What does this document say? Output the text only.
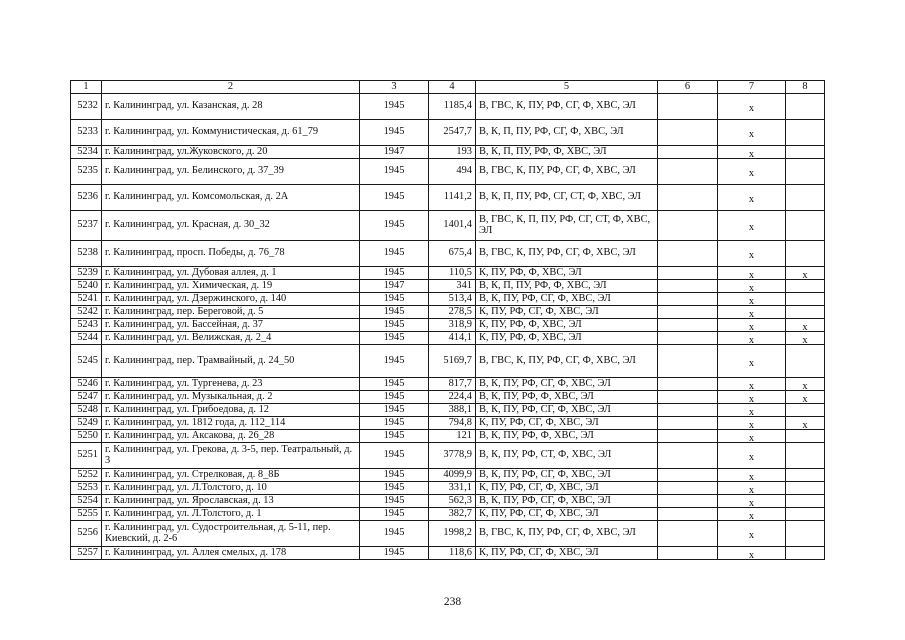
1	2	3	4	5	6	7	8
5232	г. Калининград, ул. Казанская, д. 28	1945	1185,4	В, ГВС, К, ПУ, РФ, СГ, Ф, ХВС, ЭЛ		x	
5233	г. Калининград, ул. Коммунистическая, д. 61_79	1945	2547,7	В, К, П, ПУ, РФ, СГ, Ф, ХВС, ЭЛ		x	
5234	г. Калининград, ул.Жуковского, д. 20	1947	193	В, К, П, ПУ, РФ, Ф, ХВС, ЭЛ		x	
5235	г. Калининград, ул. Белинского, д. 37_39	1945	494	В, ГВС, К, ПУ, РФ, СГ, Ф, ХВС, ЭЛ		x	
5236	г. Калининград, ул. Комсомольская, д. 2А	1945	1141,2	В, К, П, ПУ, РФ, СГ, СТ, Ф, ХВС, ЭЛ		x	
5237	г. Калининград, ул. Красная, д. 30_32	1945	1401,4	В, ГВС, К, П, ПУ, РФ, СГ, СТ, Ф, ХВС, ЭЛ		x	
5238	г. Калининград, просп. Победы, д. 76_78	1945	675,4	В, ГВС, К, ПУ, РФ, СГ, Ф, ХВС, ЭЛ		x	
5239	г. Калининград, ул. Дубовая аллея, д. 1	1945	110,5	К, ПУ, РФ, Ф, ХВС, ЭЛ		x	x
5240	г. Калининград, ул. Химическая, д. 19	1947	341	В, К, П, ПУ, РФ, Ф, ХВС, ЭЛ		x	
5241	г. Калининград, ул. Дзержинского, д. 140	1945	513,4	В, К, ПУ, РФ, СГ, Ф, ХВС, ЭЛ		x	
5242	г. Калининград, пер. Береговой, д. 5	1945	278,5	К, ПУ, РФ, СГ, Ф, ХВС, ЭЛ		x	
5243	г. Калининград, ул. Бассейная, д. 37	1945	318,9	К, ПУ, РФ, Ф, ХВС, ЭЛ		x	x
5244	г. Калининград, ул. Велижская, д. 2_4	1945	414,1	К, ПУ, РФ, Ф, ХВС, ЭЛ		x	x
5245	г. Калининград, пер. Трамвайный, д. 24_50	1945	5169,7	В, ГВС, К, ПУ, РФ, СГ, Ф, ХВС, ЭЛ		x	
5246	г. Калининград, ул. Тургенева, д. 23	1945	817,7	В, К, ПУ, РФ, СГ, Ф, ХВС, ЭЛ		x	x
5247	г. Калининград, ул. Музыкальная, д. 2	1945	224,4	В, К, ПУ, РФ, Ф, ХВС, ЭЛ		x	x
5248	г. Калининград, ул. Грибоедова, д. 12	1945	388,1	В, К, ПУ, РФ, СГ, Ф, ХВС, ЭЛ		x	
5249	г. Калининград, ул. 1812 года, д. 112_114	1945	794,8	К, ПУ, РФ, СГ, Ф, ХВС, ЭЛ		x	x
5250	г. Калининград, ул. Аксакова, д. 26_28	1945	121	В, К, ПУ, РФ, Ф, ХВС, ЭЛ		x	
5251	г. Калининград, ул. Грекова, д. 3-5, пер. Театральный, д. 3	1945	3778,9	В, К, ПУ, РФ, СТ, Ф, ХВС, ЭЛ		x	
5252	г. Калининград, ул. Стрелковая, д. 8_8Б	1945	4099,9	В, К, ПУ, РФ, СГ, Ф, ХВС, ЭЛ		x	
5253	г. Калининград, ул. Л.Толстого, д. 10	1945	331,1	К, ПУ, РФ, СГ, Ф, ХВС, ЭЛ		x	
5254	г. Калининград, ул. Ярославская, д. 13	1945	562,3	В, К, ПУ, РФ, СГ, Ф, ХВС, ЭЛ		x	
5255	г. Калининград, ул. Л.Толстого, д. 1	1945	382,7	К, ПУ, РФ, СГ, Ф, ХВС, ЭЛ		x	
5256	г. Калининград, ул. Судостроительная, д. 5-11, пер. Киевский, д. 2-6	1945	1998,2	В, ГВС, К, ПУ, РФ, СГ, Ф, ХВС, ЭЛ		x	
5257	г. Калининград, ул. Аллея смелых, д. 178	1945	118,6	К, ПУ, РФ, СГ, Ф, ХВС, ЭЛ		x	
238
